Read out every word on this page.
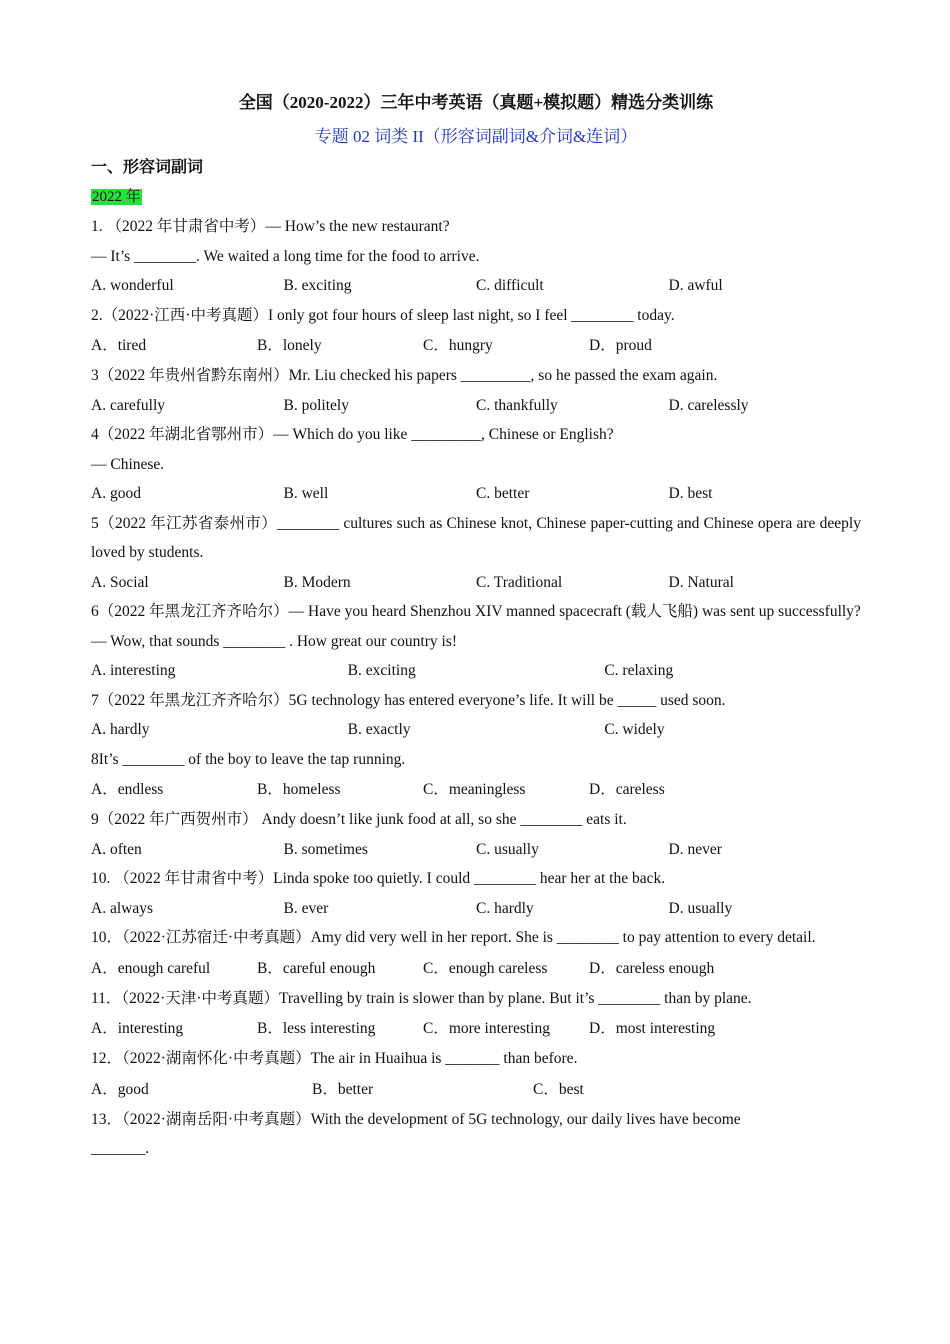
全国（2020-2022）三年中考英语（真题+模拟题）精选分类训练
专题 02 词类 II（形容词副词&介词&连词）
一、形容词副词
2022 年
1. （2022 年甘肃省中考）— How’s the new restaurant?
— It’s ________. We waited a long time for the food to arrive.
A. wonderful	B. exciting	C. difficult	D. awful
2.（2022·江西·中考真题）I only got four hours of sleep last night, so I feel ________ today.
A．tired	B．lonely	C．hungry	D．proud
3（2022 年贵州省黔东南州）Mr. Liu checked his papers _________, so he passed the exam again.
A. carefully	B. politely	C. thankfully	D. carelessly
4（2022 年湖北省鄂州市）— Which do you like _________, Chinese or English?
— Chinese.
A. good	B. well	C. better	D. best
5（2022 年江苏省泰州市）________ cultures such as Chinese knot, Chinese paper-cutting and Chinese opera are deeply loved by students.
A. Social	B. Modern	C. Traditional	D. Natural
6（2022 年黑龙江齐齐哈尔）— Have you heard Shenzhou XIV manned spacecraft (载人飞船) was sent up successfully?
— Wow, that sounds ________ . How great our country is!
A. interesting	B. exciting	C. relaxing
7（2022 年黑龙江齐齐哈尔）5G technology has entered everyone’s life. It will be _____ used soon.
A. hardly	B. exactly	C. widely
8It’s ________ of the boy to leave the tap running.
A．endless	B．homeless	C．meaningless	D．careless
9（2022 年广西贺州市） Andy doesn’t like junk food at all, so she ________ eats it.
A. often	B. sometimes	C. usually	D. never
10. （2022 年甘肃省中考）Linda spoke too quietly. I could ________ hear her at the back.
A. always	B. ever	C. hardly	D. usually
10．（2022·江苏宿迁·中考真题）Amy did very well in her report. She is ________ to pay attention to every detail.
A．enough careful	B．careful enough	C．enough careless	D．careless enough
11．（2022·天津·中考真题）Travelling by train is slower than by plane. But it’s ________ than by plane.
A．interesting	B．less interesting	C．more interesting	D．most interesting
12．（2022·湖南怀化·中考真题）The air in Huaihua is _______ than before.
A．good	B．better	C．best
13．（2022·湖南岳阳·中考真题）With the development of 5G technology, our daily lives have become
_______.
